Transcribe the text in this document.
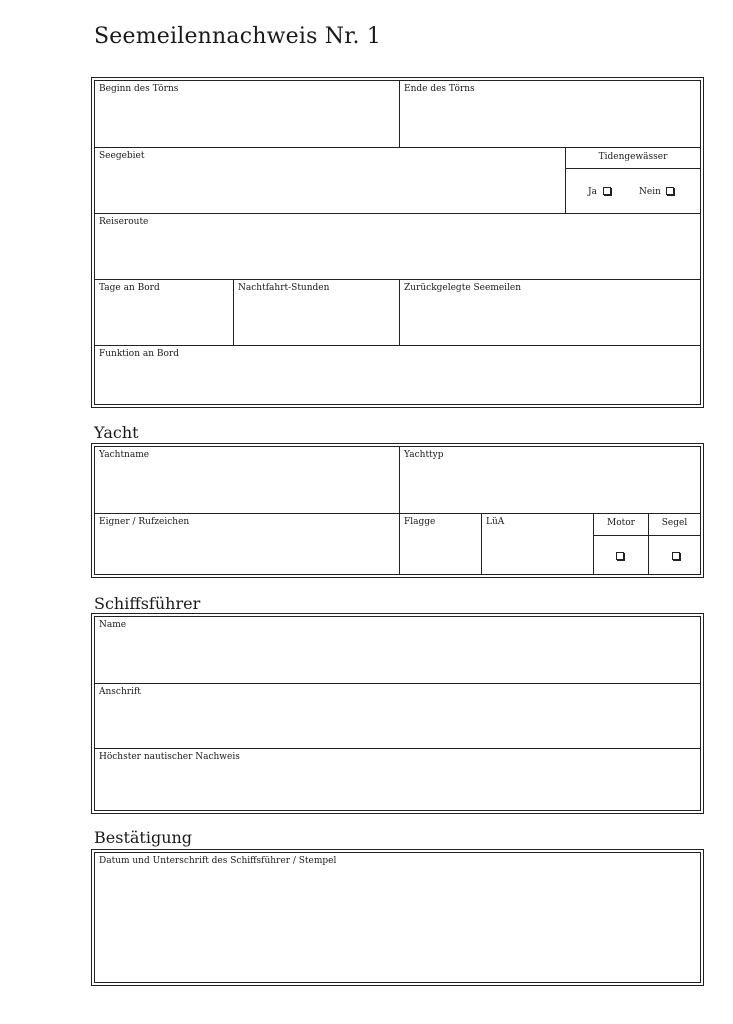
Seemeilennachweis Nr. 1
Beginn des Törns	Ende des Törns
Seegebiet	Tidengewässer
Ja	Nein
Reiseroute
Tage an Bord	Nachtfahrt-Stunden	Zurückgelegte Seemeilen
Funktion an Bord
Yacht
Yachtname	Yachttyp
Eigner / Rufzeichen	Flagge	LüA	Motor	Segel
Schiffsführer
Name
Anschrift
Höchster nautischer Nachweis
Bestätigung
Datum und Unterschrift des Schiffsführer / Stempel
